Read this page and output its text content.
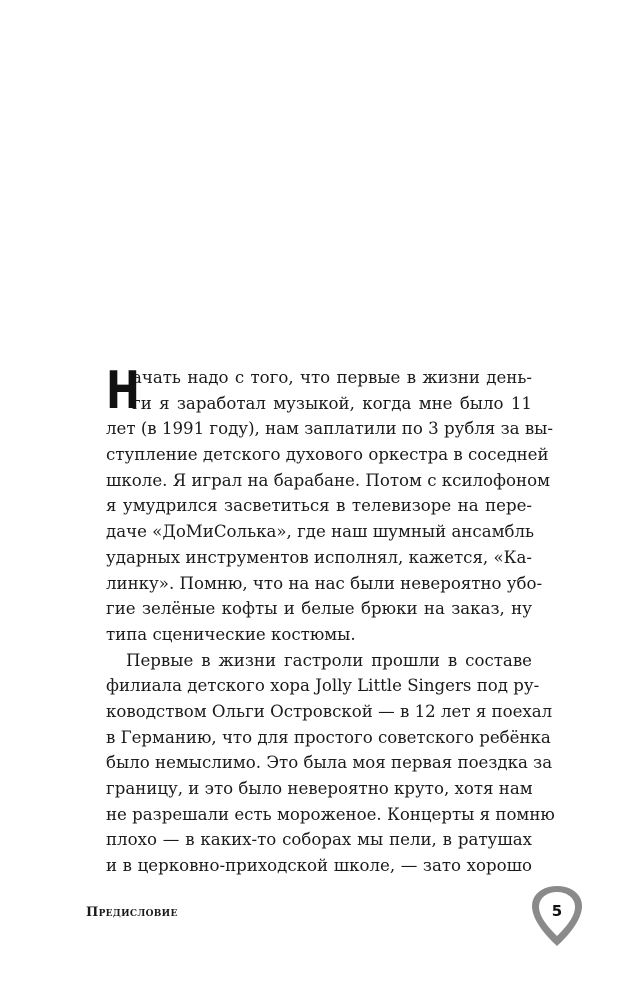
Н
ачать надо с того, что первые в жизни день-
ги я заработал музыкой, когда мне было 11
лет (в 1991 году), нам заплатили по 3 рубля за вы-
ступление детского духового оркестра в соседней
школе. Я играл на барабане. Потом с ксилофоном
я умудрился засветиться в телевизоре на пере-
даче «ДоМиСолька», где наш шумный ансамбль
ударных инструментов исполнял, кажется, «Ка-
линку». Помню, что на нас были невероятно убо-
гие зелёные кофты и белые брюки на заказ, ну
типа сценические костюмы.
Первые в жизни гастроли прошли в составе
филиала детского хора Jolly Little Singers под ру-
ководством Ольги Островской — в 12 лет я поехал
в Германию, что для простого советского ребёнка
было немыслимо. Это была моя первая поездка за
границу, и это было невероятно круто, хотя нам
не разрешали есть мороженое. Концерты я помню
плохо — в каких-то соборах мы пели, в ратушах
и в церковно-приходской школе, — зато хорошо
Предисловие	5
